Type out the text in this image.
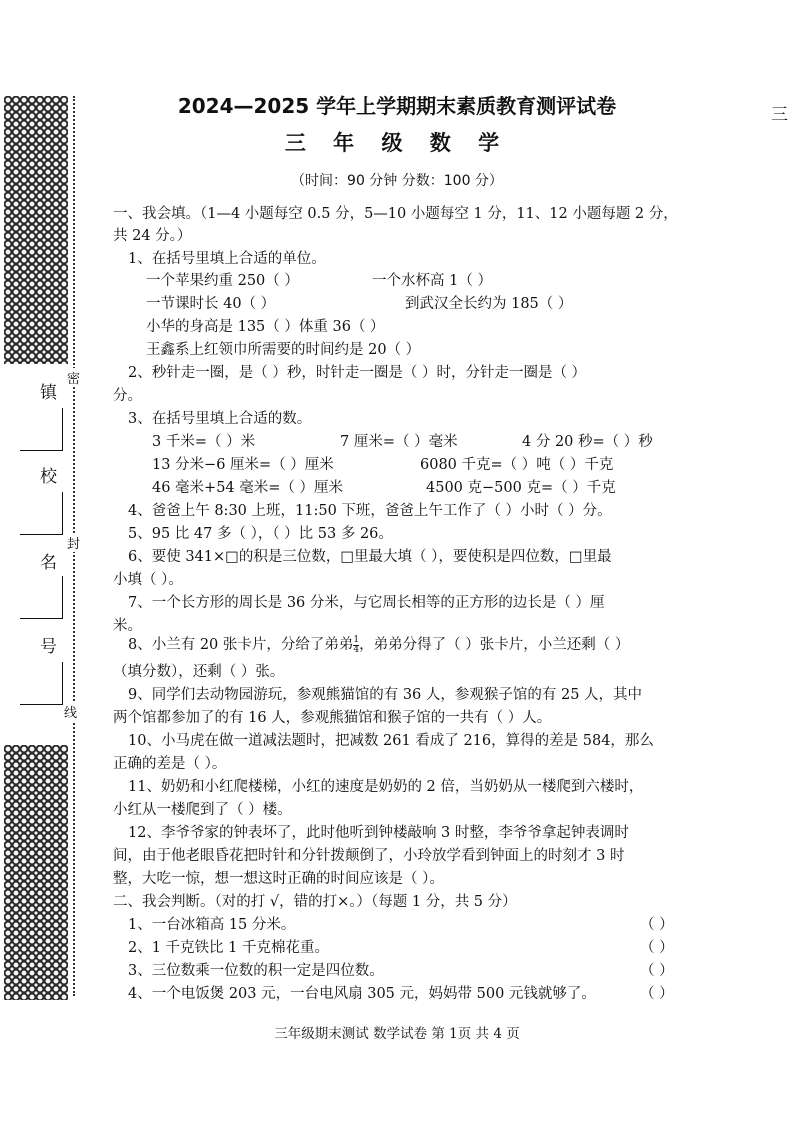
密
封
线
镇
校
名
号
2024—2025 学年上学期期末素质教育测评试卷
三 年 级 数 学
（时间：90 分钟 分数：100 分）
三
一、我会填。（1—4 小题每空 0.5 分，5—10 小题每空 1 分，11、12 小题每题 2 分，
共 24 分。）
1、在括号里填上合适的单位。
一个苹果约重 250（ ）	一个水杯高 1（ ）
一节课时长 40（ ）	到武汉全长约为 185（ ）
小华的身高是 135（ ）体重 36（ ）
王鑫系上红领巾所需要的时间约是 20（ ）
2、秒针走一圈，是（ ）秒，时针走一圈是（ ）时，分针走一圈是（ ）
分。
3、在括号里填上合适的数。
3 千米=（ ）米	7 厘米=（ ）毫米	4 分 20 秒=（ ）秒
13 分米−6 厘米=（ ）厘米	6080 千克=（ ）吨（ ）千克
46 毫米+54 毫米=（ ）厘米	4500 克−500 克=（ ）千克
4、爸爸上午 8:30 上班，11:50 下班，爸爸上午工作了（ ）小时（ ）分。
5、95 比 47 多（ ），（ ）比 53 多 26。
6、要使 341×□的积是三位数，□里最大填（ ），要使积是四位数，□里最
小填（ ）。
7、一个长方形的周长是 36 分米，与它周长相等的正方形的边长是（ ）厘
米。
8、小兰有 20 张卡片，分给了弟弟 $\frac{1}{4}$ ，弟弟分得了（ ）张卡片，小兰还剩（ ）
（填分数），还剩（ ）张。
9、同学们去动物园游玩，参观熊猫馆的有 36 人，参观猴子馆的有 25 人，其中
两个馆都参加了的有 16 人，参观熊猫馆和猴子馆的一共有（ ）人。
10、小马虎在做一道减法题时，把减数 261 看成了 216，算得的差是 584，那么
正确的差是（ ）。
11、奶奶和小红爬楼梯，小红的速度是奶奶的 2 倍，当奶奶从一楼爬到六楼时，
小红从一楼爬到了（ ）楼。
12、李爷爷家的钟表坏了，此时他听到钟楼敲响 3 时整，李爷爷拿起钟表调时
间，由于他老眼昏花把时针和分针拨颠倒了，小玲放学看到钟面上的时刻才 3 时
整，大吃一惊，想一想这时正确的时间应该是（ ）。
二、我会判断。（对的打 √，错的打×。）（每题 1 分，共 5 分）
1、一台冰箱高 15 分米。	（ ）
2、1 千克铁比 1 千克棉花重。	（ ）
3、三位数乘一位数的积一定是四位数。	（ ）
4、一个电饭煲 203 元，一台电风扇 305 元，妈妈带 500 元钱就够了。	（ ）
三年级期末测试 数学试卷 第 1页 共 4 页
